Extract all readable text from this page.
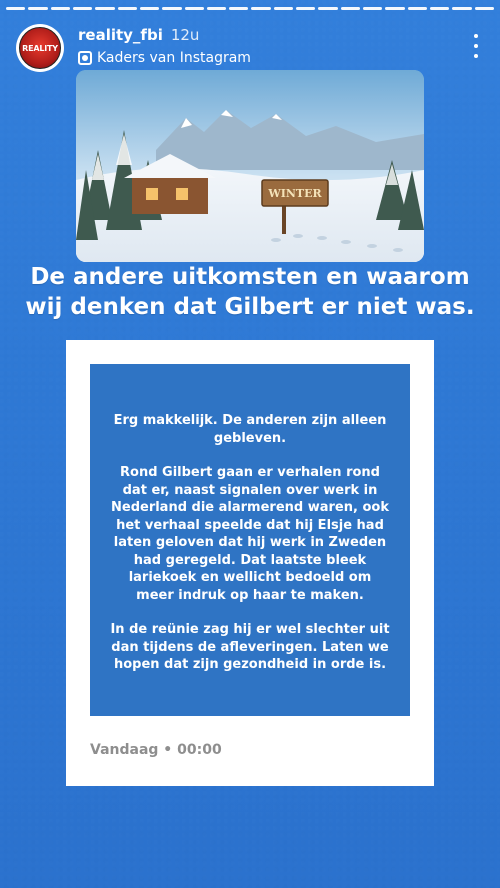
REALITY
reality_fbi 12u
Kaders van Instagram
WINTER
De andere uitkomsten en waarom
wij denken dat Gilbert er niet was.

Erg makkelijk. De anderen zijn alleen gebleven.

Rond Gilbert gaan er verhalen rond dat er, naast signalen over werk in Nederland die alarmerend waren, ook het verhaal speelde dat hij Elsje had laten geloven dat hij werk in Zweden had geregeld. Dat laatste bleek lariekoek en wellicht bedoeld om meer indruk op haar te maken.

In de reünie zag hij er wel slechter uit dan tijdens de afleveringen. Laten we hopen dat zijn gezondheid in orde is.

Vandaag • 00:00
